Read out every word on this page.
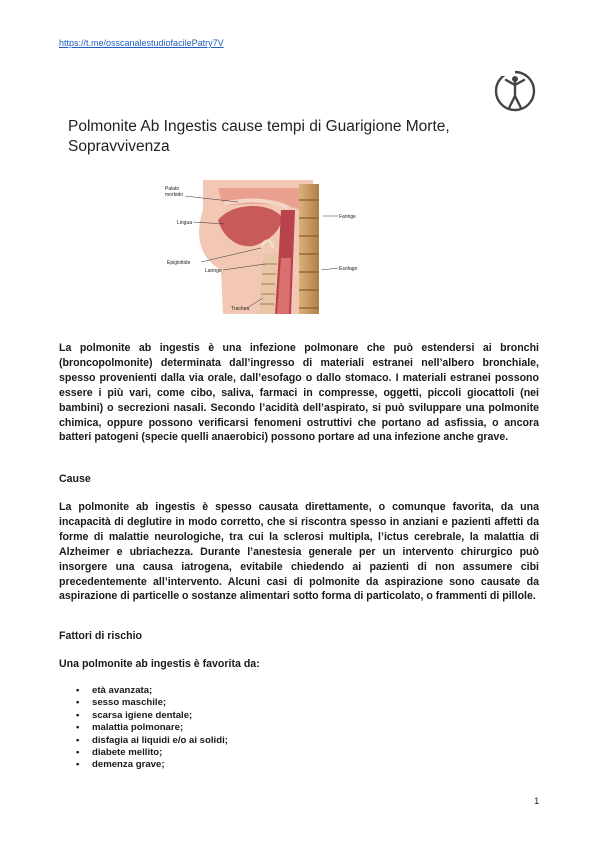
https://t.me/osscanalestudiofacilePatry7V
Polmonite Ab Ingestis cause tempi di Guarigione Morte, Sopravvivenza
Palato
morbido
Faringe
Lingua
Epiglottide
Laringe	Esofago
Trachea

La polmonite ab ingestis è una infezione polmonare che può estendersi ai bronchi (broncopolmonite) determinata dall’ingresso di materiali estranei nell’albero bronchiale, spesso provenienti dalla via orale, dall’esofago o dallo stomaco. I materiali estranei possono essere i più vari, come cibo, saliva, farmaci in compresse, oggetti, piccoli giocattoli (nei bambini) o secrezioni nasali. Secondo l’acidità dell’aspirato, si può sviluppare una polmonite chimica, oppure possono verificarsi fenomeni ostruttivi che portano ad asfissia, o ancora batteri patogeni (specie quelli anaerobici) possono portare ad una infezione anche grave.

Cause

La polmonite ab ingestis è spesso causata direttamente, o comunque favorita, da una incapacità di deglutire in modo corretto, che si riscontra spesso in anziani e pazienti affetti da forme di malattie neurologiche, tra cui la sclerosi multipla, l’ictus cerebrale, la malattia di Alzheimer e ubriachezza. Durante l’anestesia generale per un intervento chirurgico può insorgere una causa iatrogena, evitabile chiedendo ai pazienti di non assumere cibi precedentemente all’intervento. Alcuni casi di polmonite da aspirazione sono causate da aspirazione di particelle o sostanze alimentari sotto forma di particolato, o frammenti di pillole.

Fattori di rischio

Una polmonite ab ingestis è favorita da:

• età avanzata;
• sesso maschile;
• scarsa igiene dentale;
• malattia polmonare;
• disfagia ai liquidi e/o ai solidi;
• diabete mellito;
• demenza grave;
1
